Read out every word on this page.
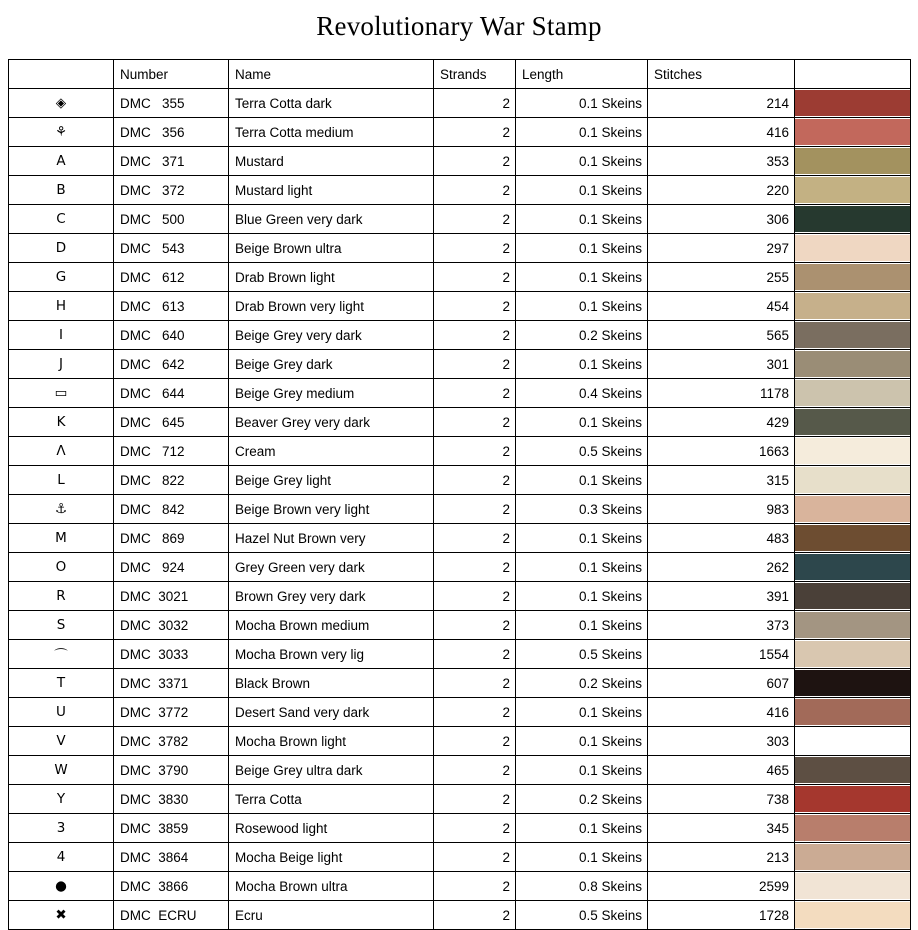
Revolutionary War Stamp
	Number	Name	Strands	Length	Stitches	
◈	DMC   355	Terra Cotta dark	2	0.1 Skeins	214	

⚘	DMC   356	Terra Cotta medium	2	0.1 Skeins	416	

A	DMC   371	Mustard	2	0.1 Skeins	353	

B	DMC   372	Mustard light	2	0.1 Skeins	220	

C	DMC   500	Blue Green very dark	2	0.1 Skeins	306	

D	DMC   543	Beige Brown ultra	2	0.1 Skeins	297	

G	DMC   612	Drab Brown light	2	0.1 Skeins	255	

H	DMC   613	Drab Brown very light	2	0.1 Skeins	454	

I	DMC   640	Beige Grey very dark	2	0.2 Skeins	565	

J	DMC   642	Beige Grey dark	2	0.1 Skeins	301	

▭	DMC   644	Beige Grey medium	2	0.4 Skeins	1178	

K	DMC   645	Beaver Grey very dark	2	0.1 Skeins	429	

Λ	DMC   712	Cream	2	0.5 Skeins	1663	

L	DMC   822	Beige Grey light	2	0.1 Skeins	315	

⚓	DMC   842	Beige Brown very light	2	0.3 Skeins	983	

M	DMC   869	Hazel Nut Brown very	2	0.1 Skeins	483	

O	DMC   924	Grey Green very dark	2	0.1 Skeins	262	

R	DMC  3021	Brown Grey very dark	2	0.1 Skeins	391	

S	DMC  3032	Mocha Brown medium	2	0.1 Skeins	373	

⌒	DMC  3033	Mocha Brown very lig	2	0.5 Skeins	1554	

T	DMC  3371	Black Brown	2	0.2 Skeins	607	

U	DMC  3772	Desert Sand very dark	2	0.1 Skeins	416	

V	DMC  3782	Mocha Brown light	2	0.1 Skeins	303	

W	DMC  3790	Beige Grey ultra dark	2	0.1 Skeins	465	

Y	DMC  3830	Terra Cotta	2	0.2 Skeins	738	

3	DMC  3859	Rosewood light	2	0.1 Skeins	345	

4	DMC  3864	Mocha Beige light	2	0.1 Skeins	213	

●	DMC  3866	Mocha Brown ultra	2	0.8 Skeins	2599	

✖	DMC  ECRU	Ecru	2	0.5 Skeins	1728	
